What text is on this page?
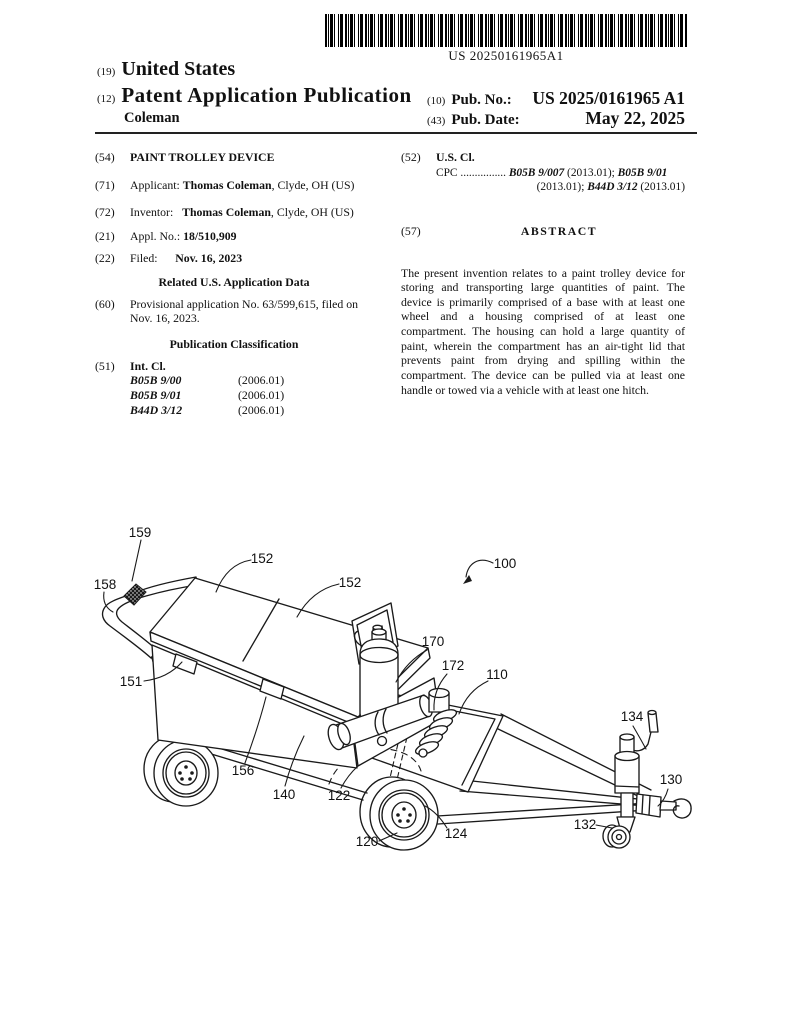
US 20250161965A1
(19) United States
(12) Patent Application Publication
Coleman
(10) Pub. No.: US 2025/0161965 A1
(43) Pub. Date:	May 22, 2025
(54)	PAINT TROLLEY DEVICE
(71)	Applicant: Thomas Coleman, Clyde, OH (US)
(72)	Inventor: Thomas Coleman, Clyde, OH (US)
(21)	Appl. No.: 18/510,909
(22)	Filed: Nov. 16, 2023
Related U.S. Application Data
(60)	Provisional application No. 63/599,615, filed on Nov. 16, 2023.
Publication Classification
(51)	Int. Cl.
B05B 9/00	(2006.01)
B05B 9/01	(2006.01)
B44D 3/12	(2006.01)
(52)	U.S. Cl. CPC ................ B05B 9/007 (2013.01); B05B 9/01
(2013.01); B44D 3/12 (2013.01)
(57)	ABSTRACT
The present invention relates to a paint trolley device for storing and transporting large quantities of paint. The device is primarily comprised of a base with at least one wheel and a housing comprised of at least one compartment. The housing can hold a large quantity of paint, wherein the compartment has an air-tight lid that prevents paint from drying and spilling within the compartment. The device can be pulled via at least one handle or towed via a vehicle with at least one hitch.
100
159
158
152
152
151
156
140 122
120
124
110
172
170
134
130
132
